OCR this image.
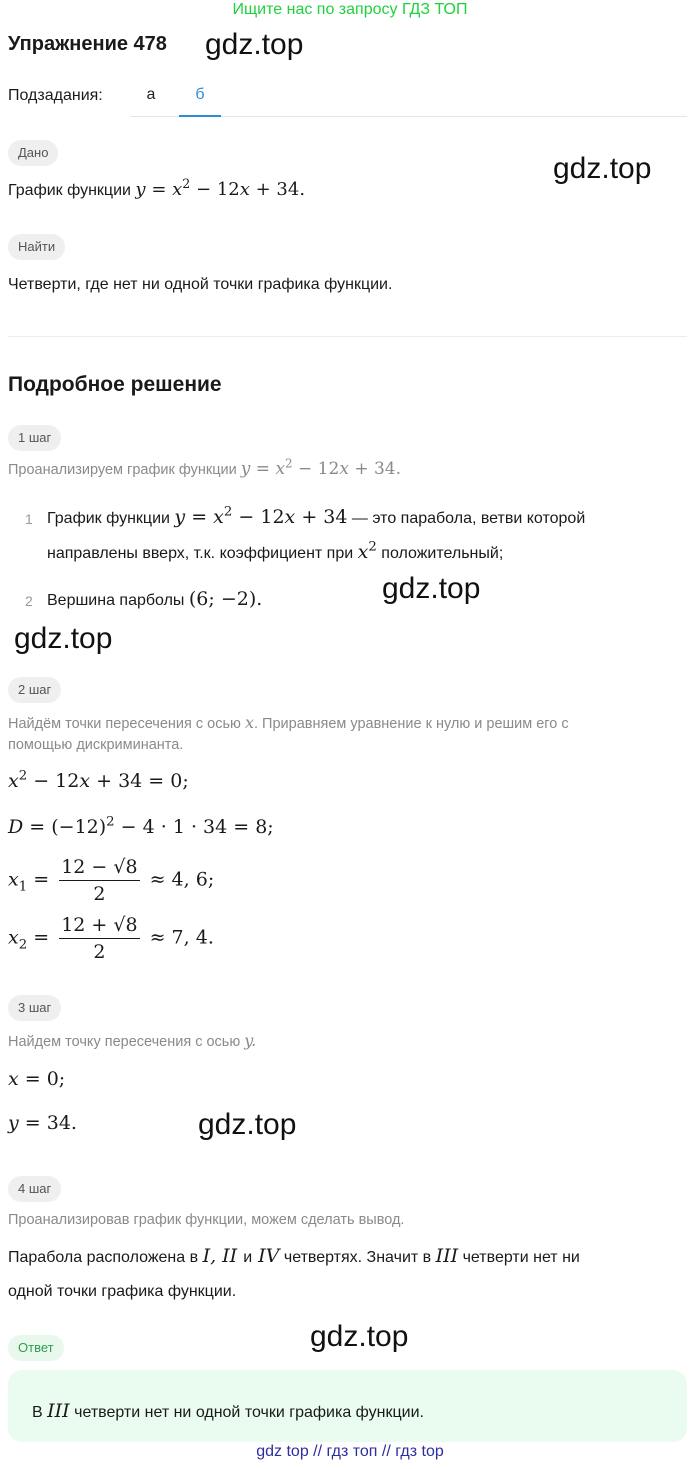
Ищите нас по запросу ГДЗ ТОП
Упражнение 478 gdz.top
Подзадания:	а	б
Дано	gdz.top
График функции $y = x^2 - 12x + 34$.
Найти
Четверти, где нет ни одной точки графика функции.
Подробное решение
1 шаг
Проанализируем график функции $y = x^2 - 12x + 34$.
1 График функции $y = x^2 - 12x + 34$ — это парабола, ветви которой
направлены вверх, т.к. коэффициент при $x^2$ положительный;
2 Вершина парболы (6; −2).	gdz.top
gdz.top
2 шаг
Найдём точки пересечения с осью x. Приравняем уравнение к нулю и решим его с
помощью дискриминанта.
$x^2 - 12x + 34 = 0$;
$D = (-12)^2 - 4 \cdot 1 \cdot 34 = 8$;
$x_1 = \frac{12 - √8}{2} \approx 4$, 6;
$x_2 = \frac{12 + √8}{2} \approx 7$, 4.
3 шаг
Найдем точку пересечения с осью y.
x = 0;
y = 34.	gdz.top
4 шаг
Проанализировав график функции, можем сделать вывод.
Парабола расположена в I, II и IV четвертях. Значит в III четверти нет ни
одной точки графика функции.
Ответ	gdz.top
В III четверти нет ни одной точки графика функции.
gdz top // гдз топ // гдз top
